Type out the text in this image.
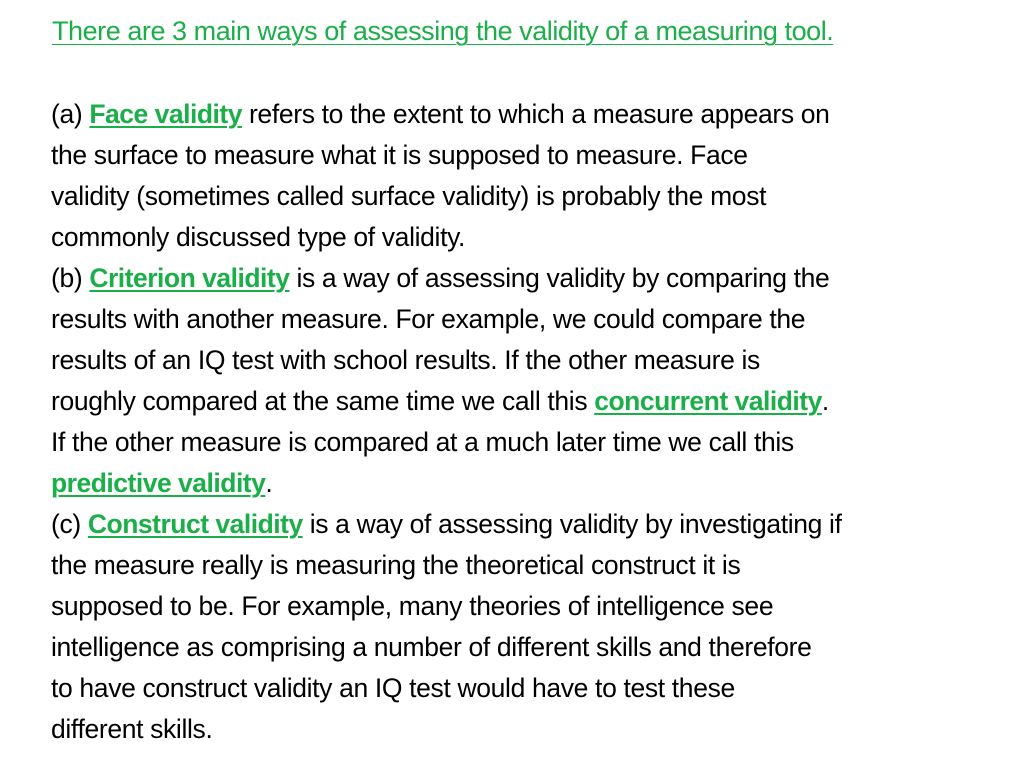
There are 3 main ways of assessing the validity of a measuring tool.
(a) Face validity refers to the extent to which a measure appears on
the surface to measure what it is supposed to measure. Face
validity (sometimes called surface validity) is probably the most
commonly discussed type of validity.
(b) Criterion validity is a way of assessing validity by comparing the
results with another measure. For example, we could compare the
results of an IQ test with school results. If the other measure is
roughly compared at the same time we call this concurrent validity.
If the other measure is compared at a much later time we call this
predictive validity.
(c) Construct validity is a way of assessing validity by investigating if
the measure really is measuring the theoretical construct it is
supposed to be. For example, many theories of intelligence see
intelligence as comprising a number of different skills and therefore
to have construct validity an IQ test would have to test these
different skills.
